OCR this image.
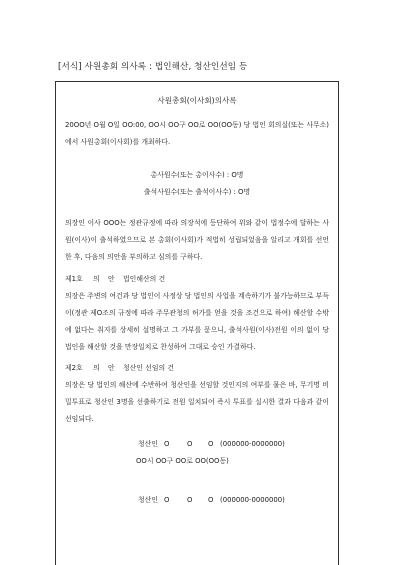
[서식] 사원총회 의사록 : 법인해산, 청산인선임 등
사원총회(이사회)의사록
20OO년 O월 O일 OO:00, OO시 OO구 OO로 OO(OO동) 당 법인 회의실(또는 사무소)에서 사원총회(이사회)를 개최하다.
총사원수(또는 총이사수) : O명
출석사원수(또는 출석이사수) : O명
의장인 이사 OOO는 정관규정에 따라 의장석에 등단하여 위와 같이 법정수에 달하는 사원(이사)이 출석하였으므로 본 총회(이사회)가 적법히 성립되었음을 알리고 개회를 선언한 후, 다음의 의안을 부의하고 심의를 구하다.
제1호 의 안 법인해산의 건
의장은 주변의 여건과 당 법인이 사정상 당 법인의 사업을 계속하기가 불가능하므로 부득이(정관 제O조의 규정에 따라 주무관청의 허가를 얻을 것을 조건으로 하여) 해산할 수밖에 없다는 취지를 상세히 설명하고 그 가부를 묻으니, 출석사원(이사)전원 이의 없이 당 법인을 해산할 것을 만장일치로 찬성하여 그대로 승인 가결하다.
제2호 의 안 청산인 선임의 건
의장은 당 법인의 해산에 수반하여 청산인을 선임할 것인지의 여부를 물은 바, 무기명 비밀투표로 청산인 3명을 선출하기로 전원 일치되어 즉시 투표를 실시한 결과 다음과 같이 선임되다.
청산인 O	O O (000000-0000000)
OO시 OO구 OO로 OO(OO동)
청산인 O	O O (000000-0000000)
